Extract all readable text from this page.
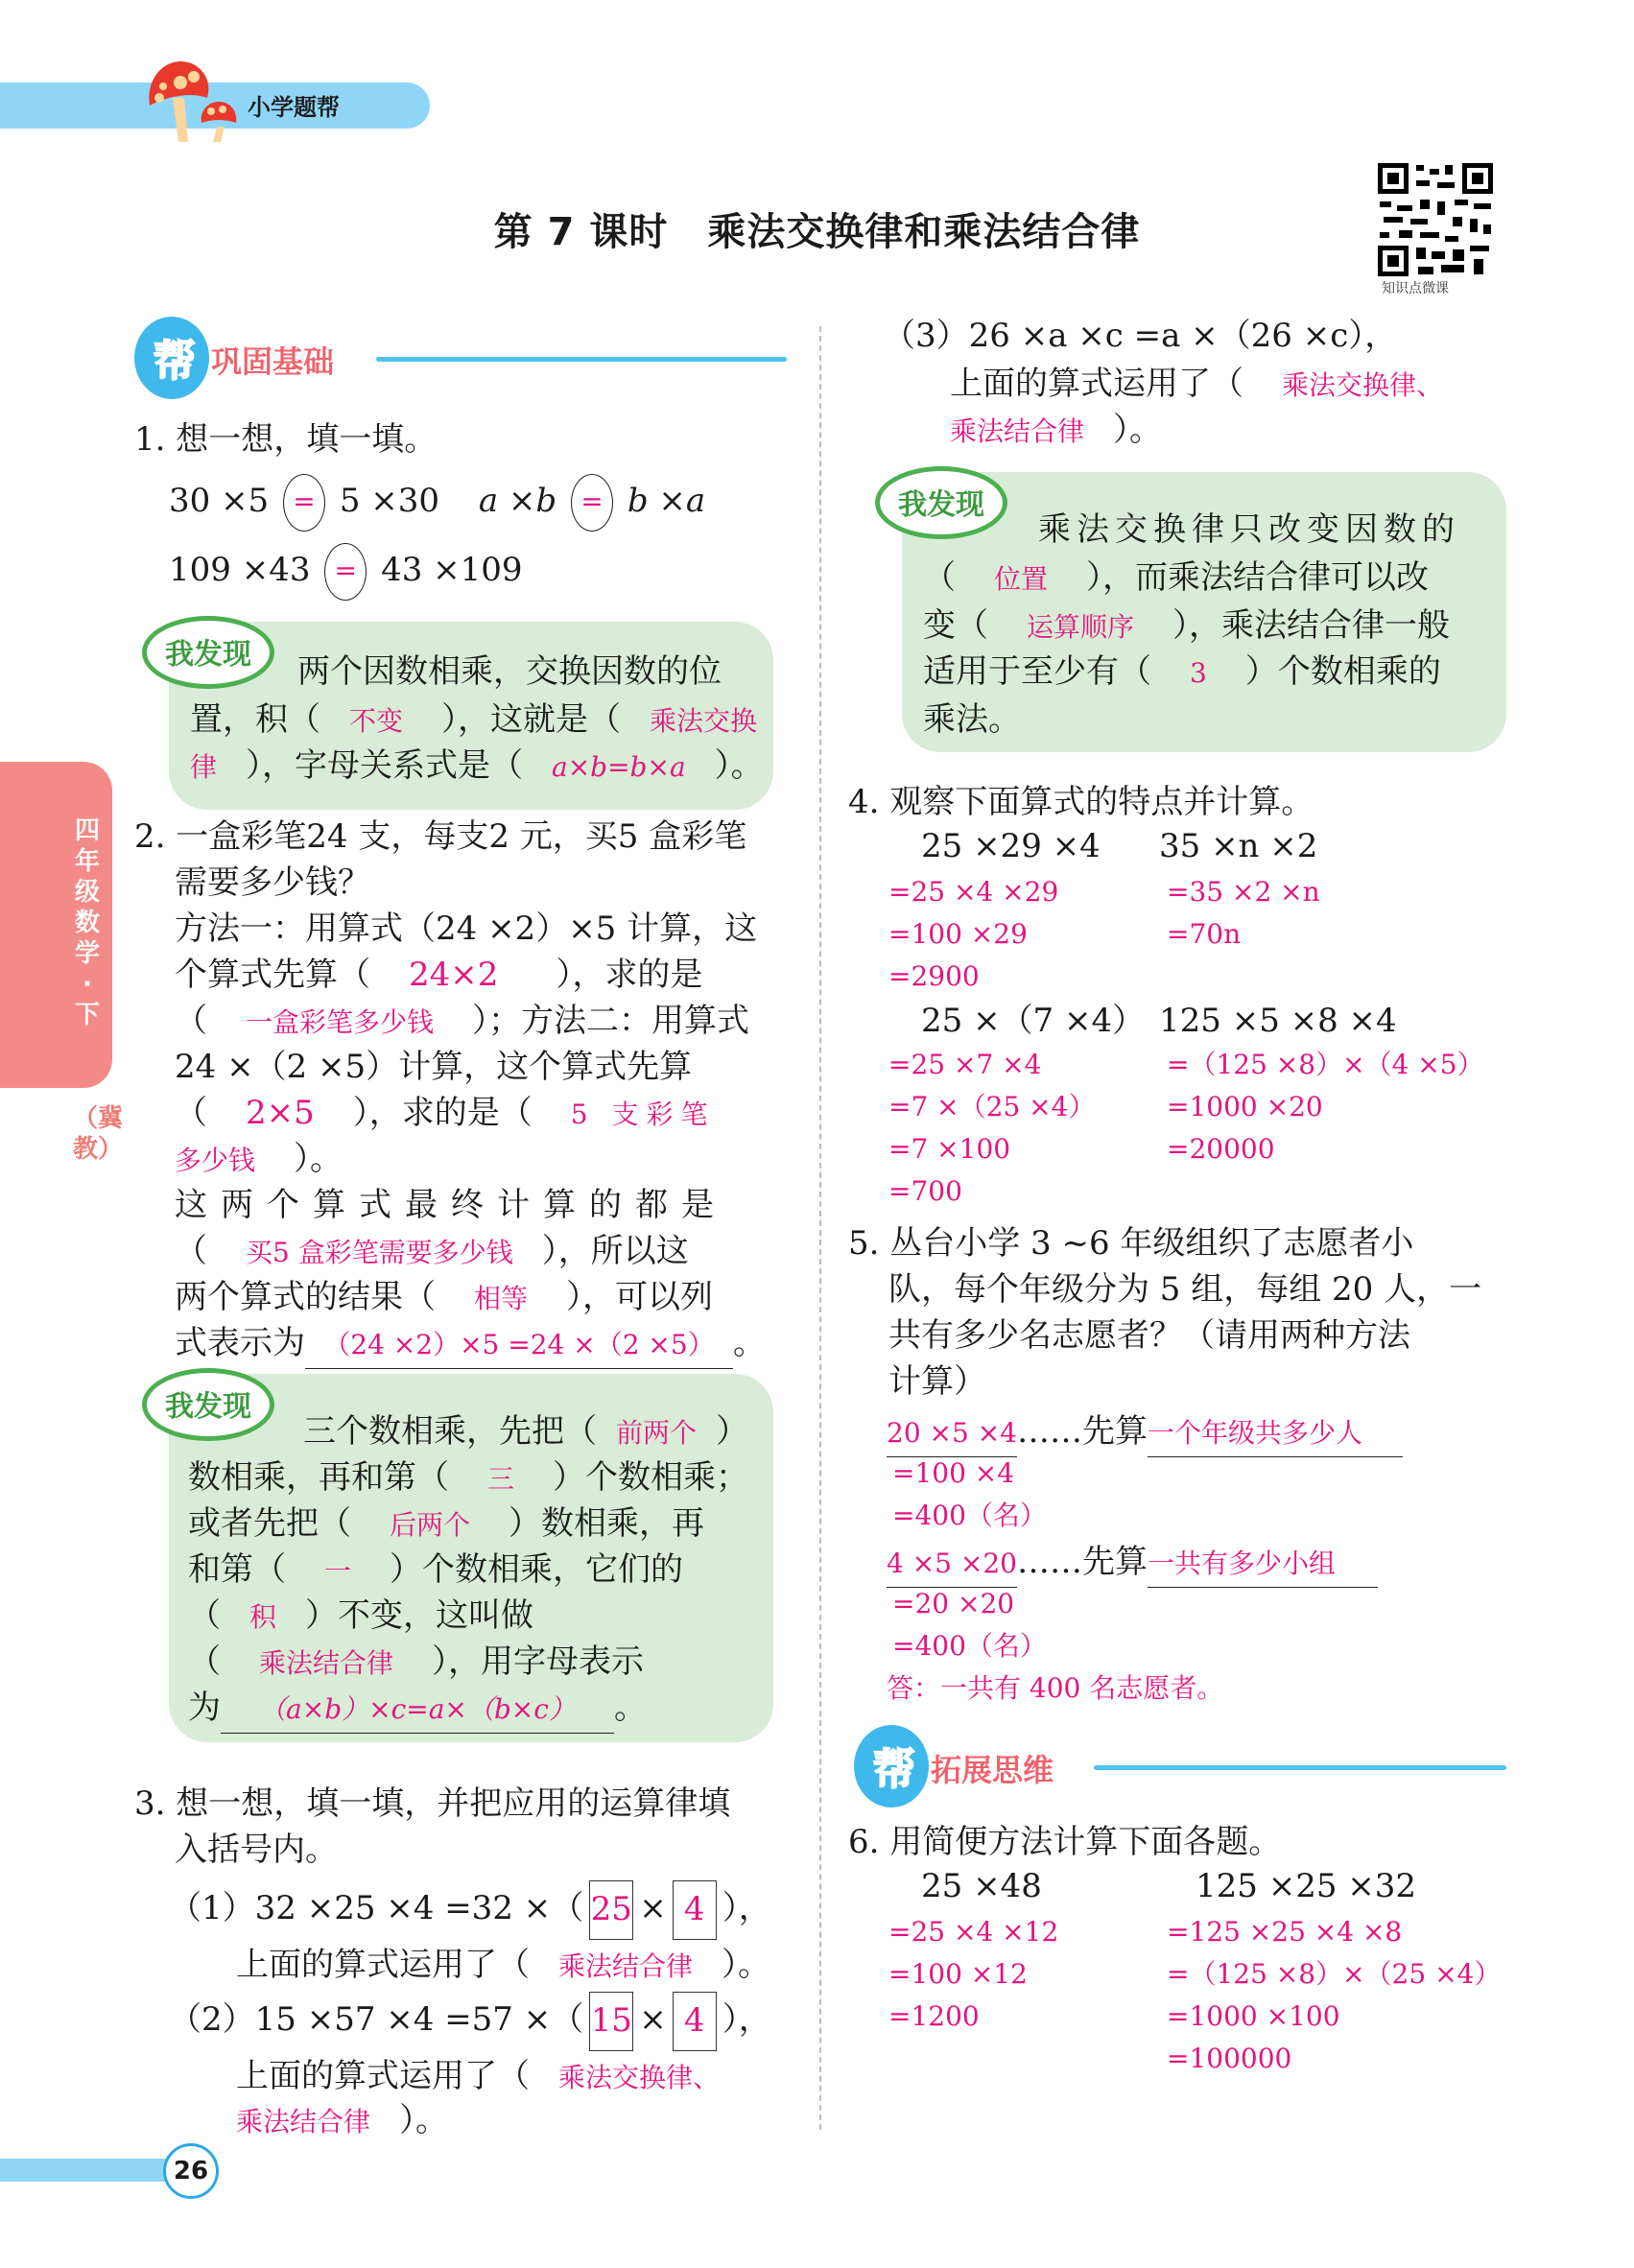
小学题帮
第 7 课时　乘法交换律和乘法结合律
知识点微课
四年级数学·下
（冀教）
帮 巩固基础
1. 想一想，填一填。
30 ×5 = 5 ×30 a ×b = b ×a
109 ×43 = 43 ×109
我发现	两个因数相乘，交换因数的位
置，积（ 不变 ），这就是（ 乘法交换
律 ），字母关系式是（ a×b=b×a ）。
2. 一盒彩笔24 支，每支2 元，买5 盒彩笔
需要多少钱？
方法一：用算式（24 ×2）×5 计算，这
个算式先算（ 24×2 ），求的是
（ 一盒彩笔多少钱 ）；方法二：用算式
24 ×（2 ×5）计算，这个算式先算
（ 2×5 ），求的是（ 5 支彩笔
多少钱 ）。
这两个算式最终计算的都是
（ 买5 盒彩笔需要多少钱 ），所以这
两个算式的结果（ 相等 ），可以列
式表示为 （24 ×2）×5 =24 ×（2 ×5） 。
我发现
三个数相乘，先把（ 前两个 ）
数相乘，再和第（ 三 ）个数相乘；
或者先把（ 后两个 ）数相乘，再
和第（ 一 ）个数相乘，它们的
（ 积 ）不变，这叫做
（ 乘法结合律 ），用字母表示
为 （a×b）×c=a×（b×c） 。
3. 想一想，填一填，并把应用的运算律填
入括号内。
（1）32 ×25 ×4 =32 ×（ 25 × 4 ），
上面的算式运用了（ 乘法结合律 ）。
（2）15 ×57 ×4 =57 ×（ 15 × 4 ），
上面的算式运用了（ 乘法交换律、
乘法结合律 ）。
（3）26 ×a ×c =a ×（26 ×c），
上面的算式运用了（ 乘法交换律、
乘法结合律 ）。
我发现
乘法交换律只改变因数的
（ 位置 ），而乘法结合律可以改
变（ 运算顺序 ），乘法结合律一般
适用于至少有（ 3 ）个数相乘的
乘法。
4. 观察下面算式的特点并计算。
25 ×29 ×4
=25 ×4 ×29
=100 ×29
=2900
35 ×n ×2
=35 ×2 ×n
=70n
25 ×（7 ×4）
=25 ×7 ×4
=7 ×（25 ×4）
=7 ×100
=700
125 ×5 ×8 ×4
=（125 ×8）×（4 ×5）
=1000 ×20
=20000
5. 丛台小学 3 ~6 年级组织了志愿者小
队，每个年级分为 5 组，每组 20 人，一
共有多少名志愿者？（请用两种方法
计算）
20 ×5 ×4……先算一个年级共多少人
=100 ×4
=400（名）
4 ×5 ×20……先算一共有多少小组
=20 ×20
=400（名）
答：一共有 400 名志愿者。
帮 拓展思维
6. 用简便方法计算下面各题。
25 ×48
=25 ×4 ×12
=100 ×12
=1200
125 ×25 ×32
=125 ×25 ×4 ×8
=（125 ×8）×（25 ×4）
=1000 ×100
=100000
26
